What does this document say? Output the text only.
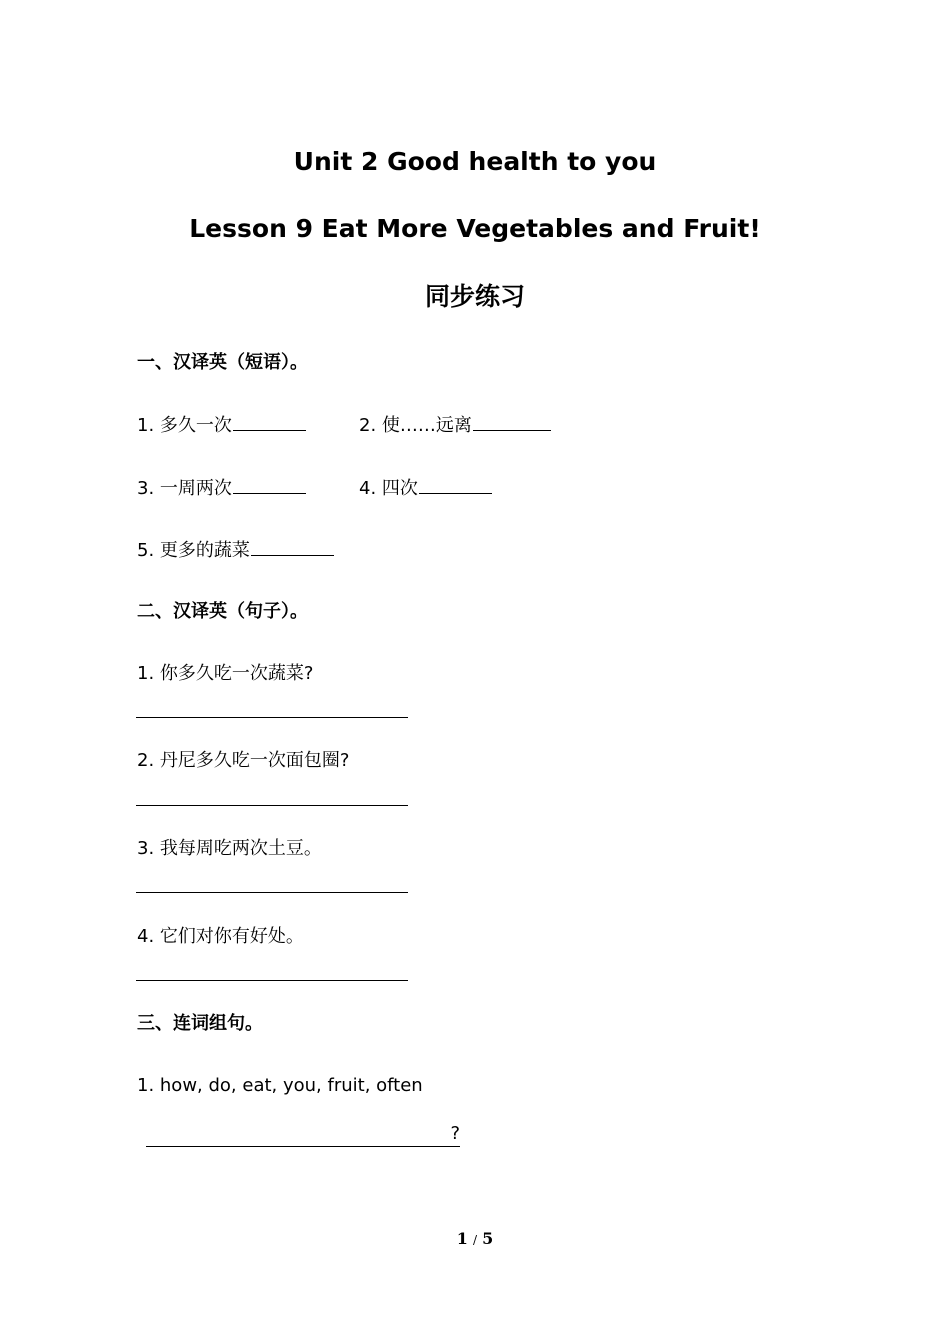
Unit 2 Good health to you
Lesson 9 Eat More Vegetables and Fruit!
同步练习
一、汉译英（短语）。
1. 多久一次	2. 使……远离
3. 一周两次	4. 四次
5. 更多的蔬菜
二、汉译英（句子）。
1. 你多久吃一次蔬菜?
2. 丹尼多久吃一次面包圈?
3. 我每周吃两次土豆。
4. 它们对你有好处。
三、连词组句。
1. how, do, eat, you, fruit, often
?
1 / 5
